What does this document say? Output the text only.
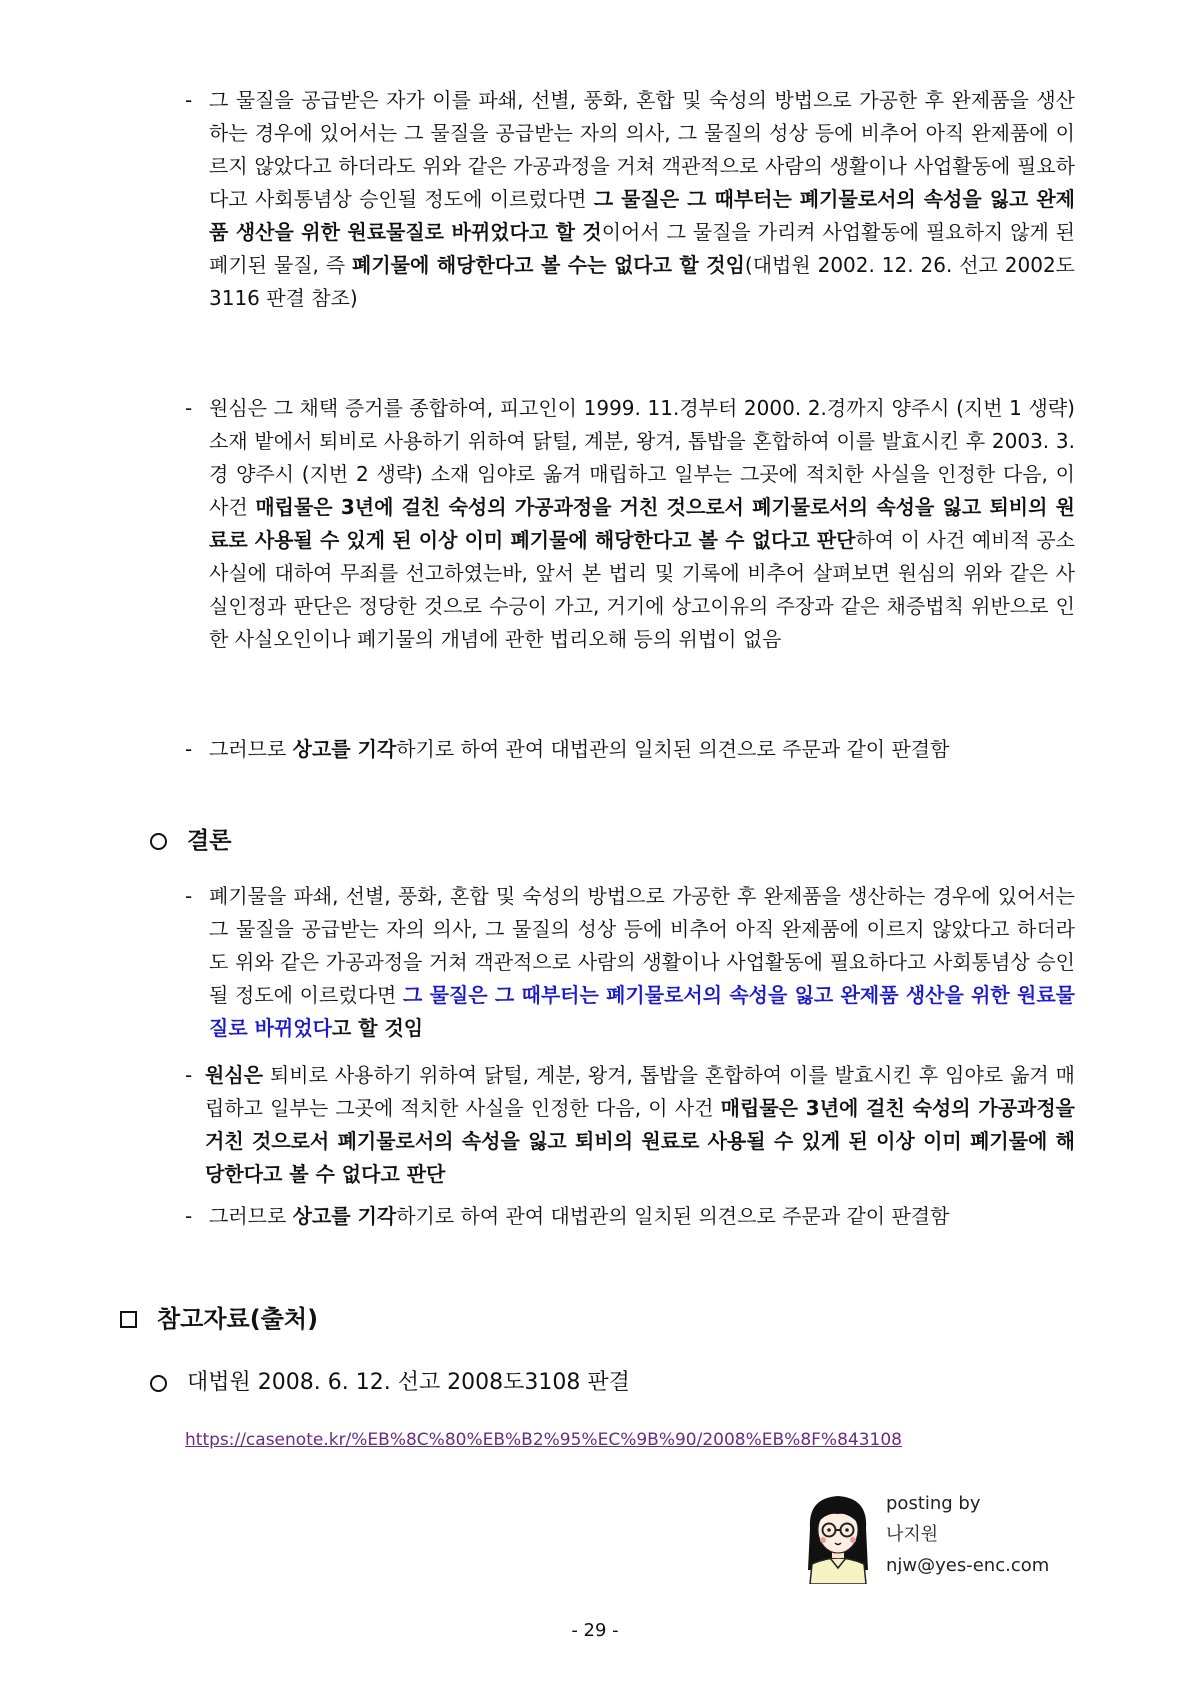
- 그 물질을 공급받은 자가 이를 파쇄, 선별, 풍화, 혼합 및 숙성의 방법으로 가공한 후 완제품을 생산하는 경우에 있어서는 그 물질을 공급받는 자의 의사, 그 물질의 성상 등에 비추어 아직 완제품에 이르지 않았다고 하더라도 위와 같은 가공과정을 거쳐 객관적으로 사람의 생활이나 사업활동에 필요하다고 사회통념상 승인될 정도에 이르렀다면 그 물질은 그 때부터는 폐기물로서의 속성을 잃고 완제품 생산을 위한 원료물질로 바뀌었다고 할 것이어서 그 물질을 가리켜 사업활동에 필요하지 않게 된 폐기된 물질, 즉 폐기물에 해당한다고 볼 수는 없다고 할 것임(대법원 2002. 12. 26. 선고 2002도3116 판결 참조)
- 원심은 그 채택 증거를 종합하여, 피고인이 1999. 11.경부터 2000. 2.경까지 양주시 (지번 1 생략) 소재 밭에서 퇴비로 사용하기 위하여 닭털, 계분, 왕겨, 톱밥을 혼합하여 이를 발효시킨 후 2003. 3.경 양주시 (지번 2 생략) 소재 임야로 옮겨 매립하고 일부는 그곳에 적치한 사실을 인정한 다음, 이 사건 매립물은 3년에 걸친 숙성의 가공과정을 거친 것으로서 폐기물로서의 속성을 잃고 퇴비의 원료로 사용될 수 있게 된 이상 이미 폐기물에 해당한다고 볼 수 없다고 판단하여 이 사건 예비적 공소사실에 대하여 무죄를 선고하였는바, 앞서 본 법리 및 기록에 비추어 살펴보면 원심의 위와 같은 사실인정과 판단은 정당한 것으로 수긍이 가고, 거기에 상고이유의 주장과 같은 채증법칙 위반으로 인한 사실오인이나 폐기물의 개념에 관한 법리오해 등의 위법이 없음
- 그러므로 상고를 기각하기로 하여 관여 대법관의 일치된 의견으로 주문과 같이 판결함
결론
- 폐기물을 파쇄, 선별, 풍화, 혼합 및 숙성의 방법으로 가공한 후 완제품을 생산하는 경우에 있어서는 그 물질을 공급받는 자의 의사, 그 물질의 성상 등에 비추어 아직 완제품에 이르지 않았다고 하더라도 위와 같은 가공과정을 거쳐 객관적으로 사람의 생활이나 사업활동에 필요하다고 사회통념상 승인될 정도에 이르렀다면 그 물질은 그 때부터는 폐기물로서의 속성을 잃고 완제품 생산을 위한 원료물질로 바뀌었다고 할 것임
- 원심은 퇴비로 사용하기 위하여 닭털, 계분, 왕겨, 톱밥을 혼합하여 이를 발효시킨 후 임야로 옮겨 매립하고 일부는 그곳에 적치한 사실을 인정한 다음, 이 사건 매립물은 3년에 걸친 숙성의 가공과정을 거친 것으로서 폐기물로서의 속성을 잃고 퇴비의 원료로 사용될 수 있게 된 이상 이미 폐기물에 해당한다고 볼 수 없다고 판단
- 그러므로 상고를 기각하기로 하여 관여 대법관의 일치된 의견으로 주문과 같이 판결함
참고자료(출처)
대법원 2008. 6. 12. 선고 2008도3108 판결
https://casenote.kr/%EB%8C%80%EB%B2%95%EC%9B%90/2008%EB%8F%843108
posting by
나지원
njw@yes-enc.com
- 29 -
